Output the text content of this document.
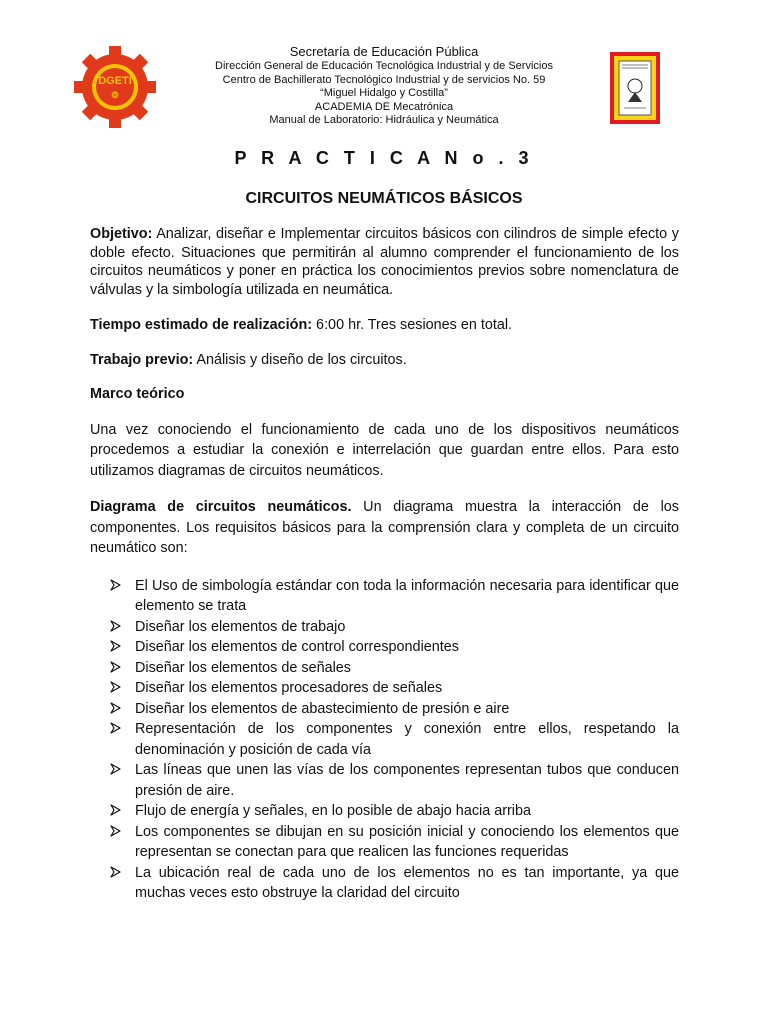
DGETI
⚙
Secretaría de Educación Pública
Dirección General de Educación Tecnológica Industrial y de Servicios
Centro de Bachillerato Tecnológico Industrial y de servicios No. 59
“Miguel Hidalgo y Costilla”
ACADEMIA DE Mecatrónica
Manual de Laboratorio: Hidráulica y Neumática
P R A C T I C A N o . 3
CIRCUITOS NEUMÁTICOS BÁSICOS

Objetivo: Analizar, diseñar e Implementar circuitos básicos con cilindros de simple efecto y doble efecto. Situaciones que permitirán al alumno comprender el funcionamiento de los circuitos neumáticos y poner en práctica los conocimientos previos sobre nomenclatura de válvulas y la simbología utilizada en neumática.

Tiempo estimado de realización: 6:00 hr. Tres sesiones en total.

Trabajo previo: Análisis y diseño de los circuitos.

Marco teórico

Una vez conociendo el funcionamiento de cada uno de los dispositivos neumáticos procedemos a estudiar la conexión e interrelación que guardan entre ellos. Para esto utilizamos diagramas de circuitos neumáticos.

Diagrama de circuitos neumáticos. Un diagrama muestra la interacción de los componentes. Los requisitos básicos para la comprensión clara y completa de un circuito neumático son:

El Uso de simbología estándar con toda la información necesaria para identificar que elemento se trata
Diseñar los elementos de trabajo
Diseñar los elementos de control correspondientes
Diseñar los elementos de señales
Diseñar los elementos procesadores de señales
Diseñar los elementos de abastecimiento de presión e aire
Representación de los componentes y conexión entre ellos, respetando la denominación y posición de cada vía
Las líneas que unen las vías de los componentes representan tubos que conducen presión de aire.
Flujo de energía y señales, en lo posible de abajo hacia arriba
Los componentes se dibujan en su posición inicial y conociendo los elementos que representan se conectan para que realicen las funciones requeridas
La ubicación real de cada uno de los elementos no es tan importante, ya que muchas veces esto obstruye la claridad del circuito
